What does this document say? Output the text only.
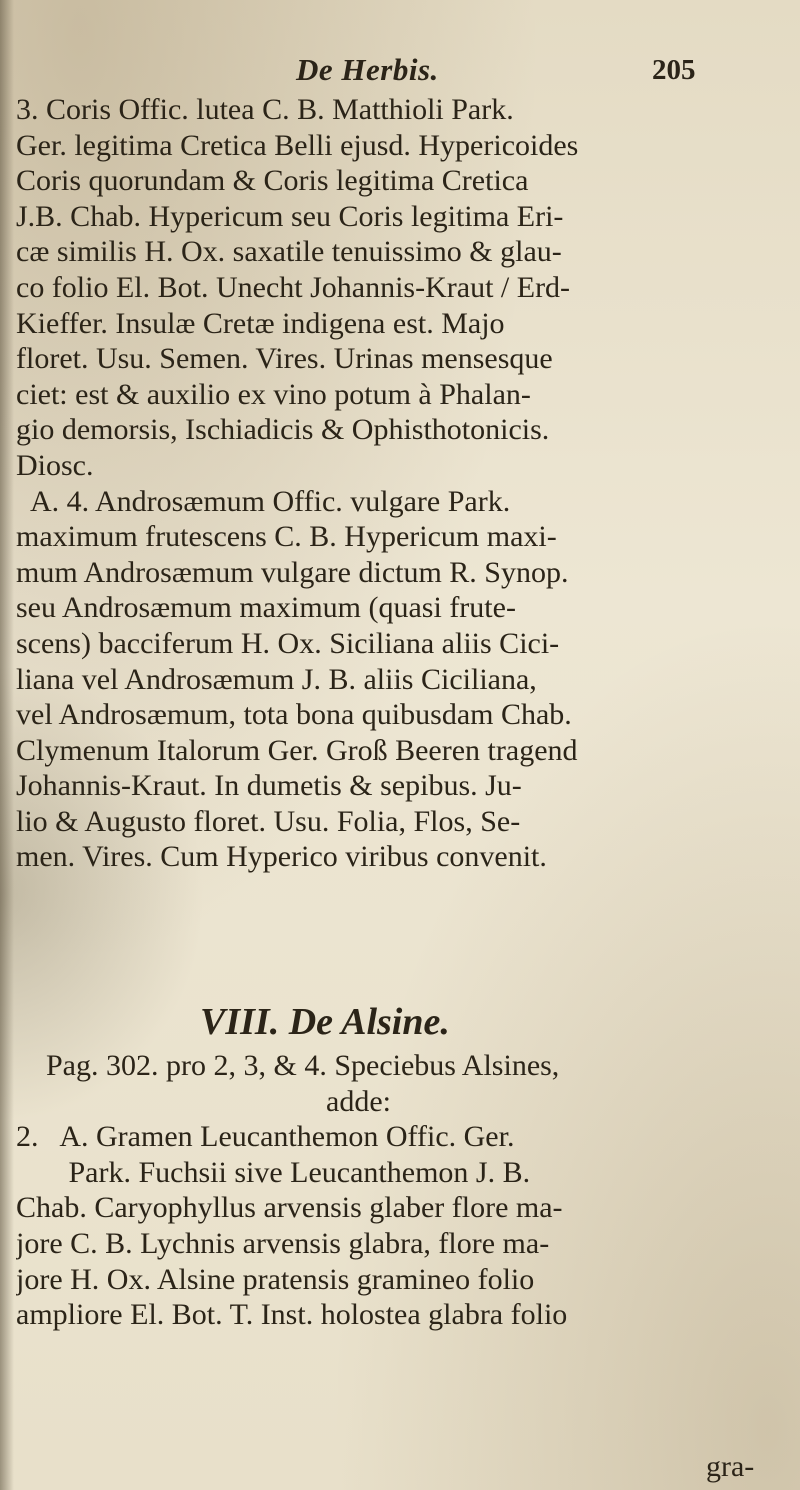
De Herbis.	205
3. Coris Offic. lutea C. B. Matthioli Park.
Ger. legitima Cretica Belli ejusd. Hypericoides
Coris quorundam & Coris legitima Cretica
J.B. Chab. Hypericum seu Coris legitima Eri-
cæ similis H. Ox. saxatile tenuissimo & glau-
co folio El. Bot. Unecht Johannis-Kraut / Erd-
Kieffer. Insulæ Cretæ indigena est. Majo
floret. Usu. Semen. Vires. Urinas mensesque
ciet: est & auxilio ex vino potum à Phalan-
gio demorsis, Ischiadicis & Ophisthotonicis.
Diosc.
A. 4. Androsæmum Offic. vulgare Park.
maximum frutescens C. B. Hypericum maxi-
mum Androsæmum vulgare dictum R. Synop.
seu Androsæmum maximum (quasi frute-
scens) bacciferum H. Ox. Siciliana aliis Cici-
liana vel Androsæmum J. B. aliis Ciciliana,
vel Androsæmum, tota bona quibusdam Chab.
Clymenum Italorum Ger. Groß Beeren tragend
Johannis-Kraut. In dumetis & sepibus. Ju-
lio & Augusto floret. Usu. Folia, Flos, Se-
men. Vires. Cum Hyperico viribus convenit.
VIII. De Alsine.
Pag. 302. pro 2, 3, & 4. Speciebus Alsines,
adde:
2.   A. Gramen Leucanthemon Offic. Ger.
Park. Fuchsii sive Leucanthemon J. B.
Chab. Caryophyllus arvensis glaber flore ma-
jore C. B. Lychnis arvensis glabra, flore ma-
jore H. Ox. Alsine pratensis gramineo folio
ampliore El. Bot. T. Inst. holostea glabra folio
gra-
